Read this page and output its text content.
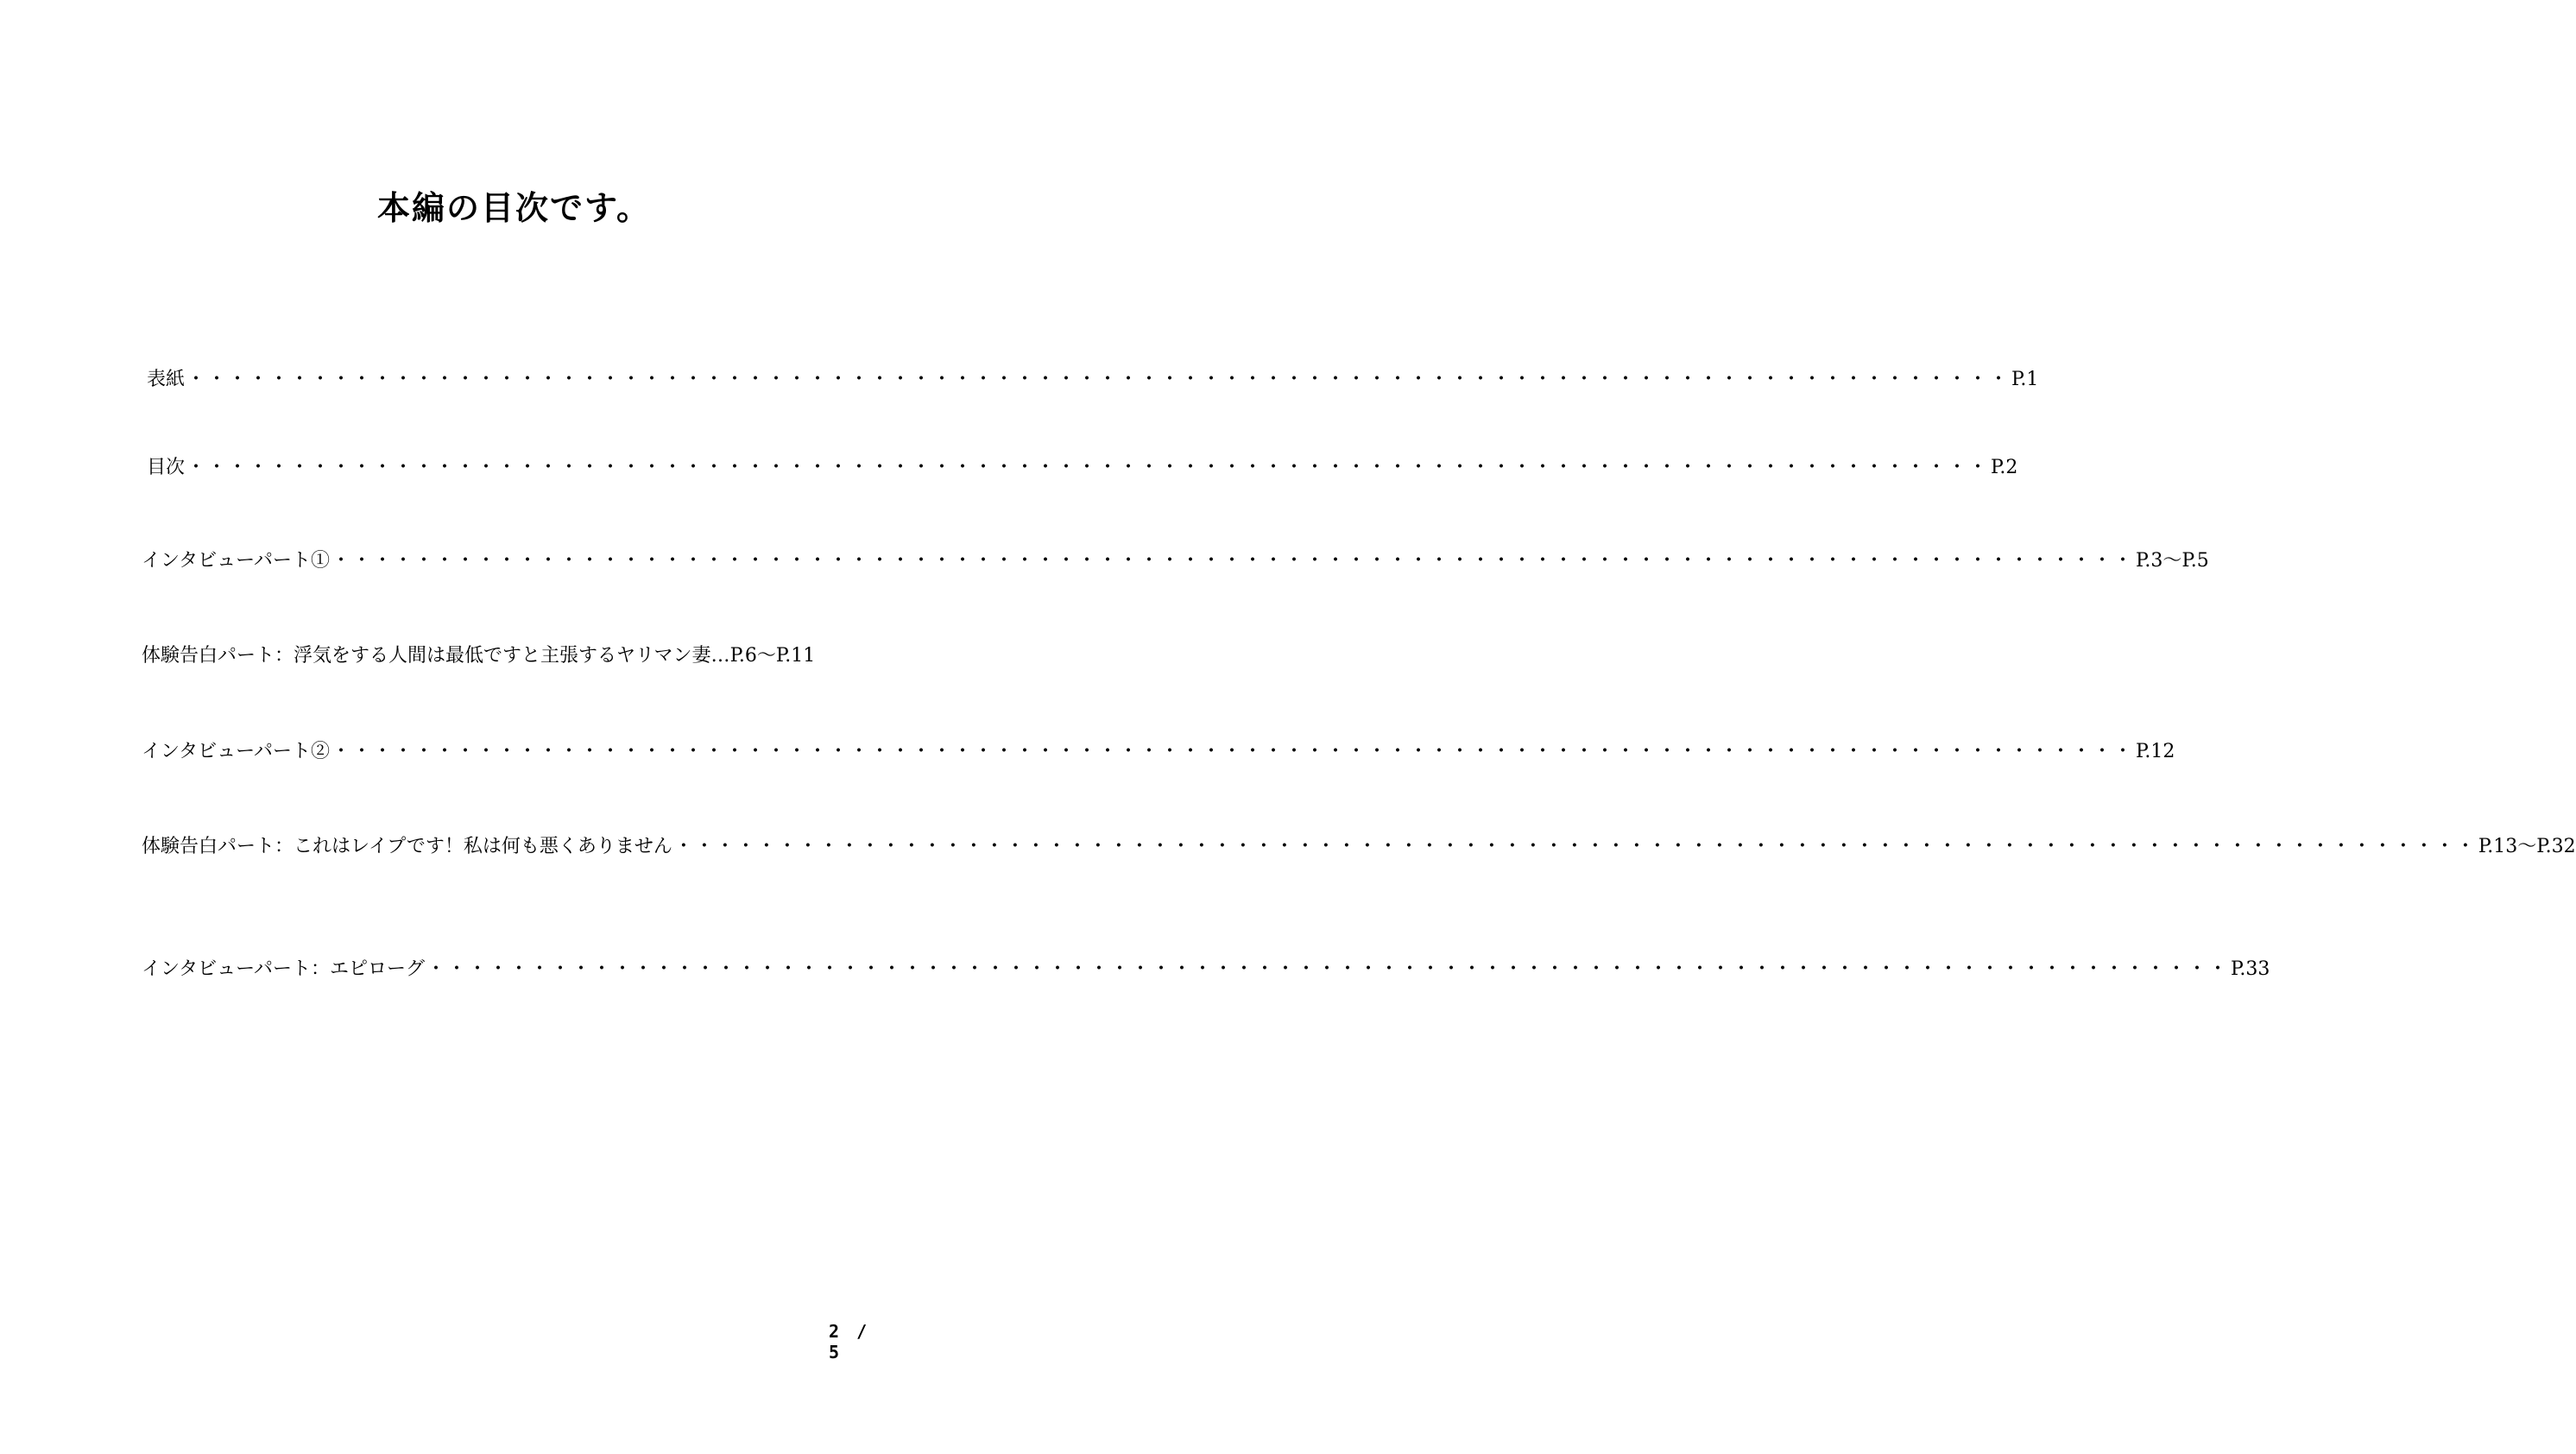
本編の目次です。
表紙 ・・・・・・・・・・・・・・・・・・・・・・・・・・・・・・・・・・・・・・・・・・・・・・・・・・・・・・・・・・・・・・・・・・・・・・・・・・・・・・・・・・・・・・・・ P.1
目次 ・・・・・・・・・・・・・・・・・・・・・・・・・・・・・・・・・・・・・・・・・・・・・・・・・・・・・・・・・・・・・・・・・・・・・・・・・・・・・・・・・・・・・・・ P.2
インタビューパート① ・・・・・・・・・・・・・・・・・・・・・・・・・・・・・・・・・・・・・・・・・・・・・・・・・・・・・・・・・・・・・・・・・・・・・・・・・・・・・・・・・・・・・・・ P.3～P.5
体験告白パート：浮気をする人間は最低ですと主張するヤリマン妻… P.6～P.11
インタビューパート② ・・・・・・・・・・・・・・・・・・・・・・・・・・・・・・・・・・・・・・・・・・・・・・・・・・・・・・・・・・・・・・・・・・・・・・・・・・・・・・・・・・・・・・・ P.12
体験告白パート：これはレイプです！私は何も悪くありません ・・・・・・・・・・・・・・・・・・・・・・・・・・・・・・・・・・・・・・・・・・・・・・・・・・・・・・・・・・・・・・・・・・・・・・・・・・・・・・・・・・・・・・・ P.13～P.32
インタビューパート：エピローグ ・・・・・・・・・・・・・・・・・・・・・・・・・・・・・・・・・・・・・・・・・・・・・・・・・・・・・・・・・・・・・・・・・・・・・・・・・・・・・・・・・・・・・・・ P.33
2 / 5
